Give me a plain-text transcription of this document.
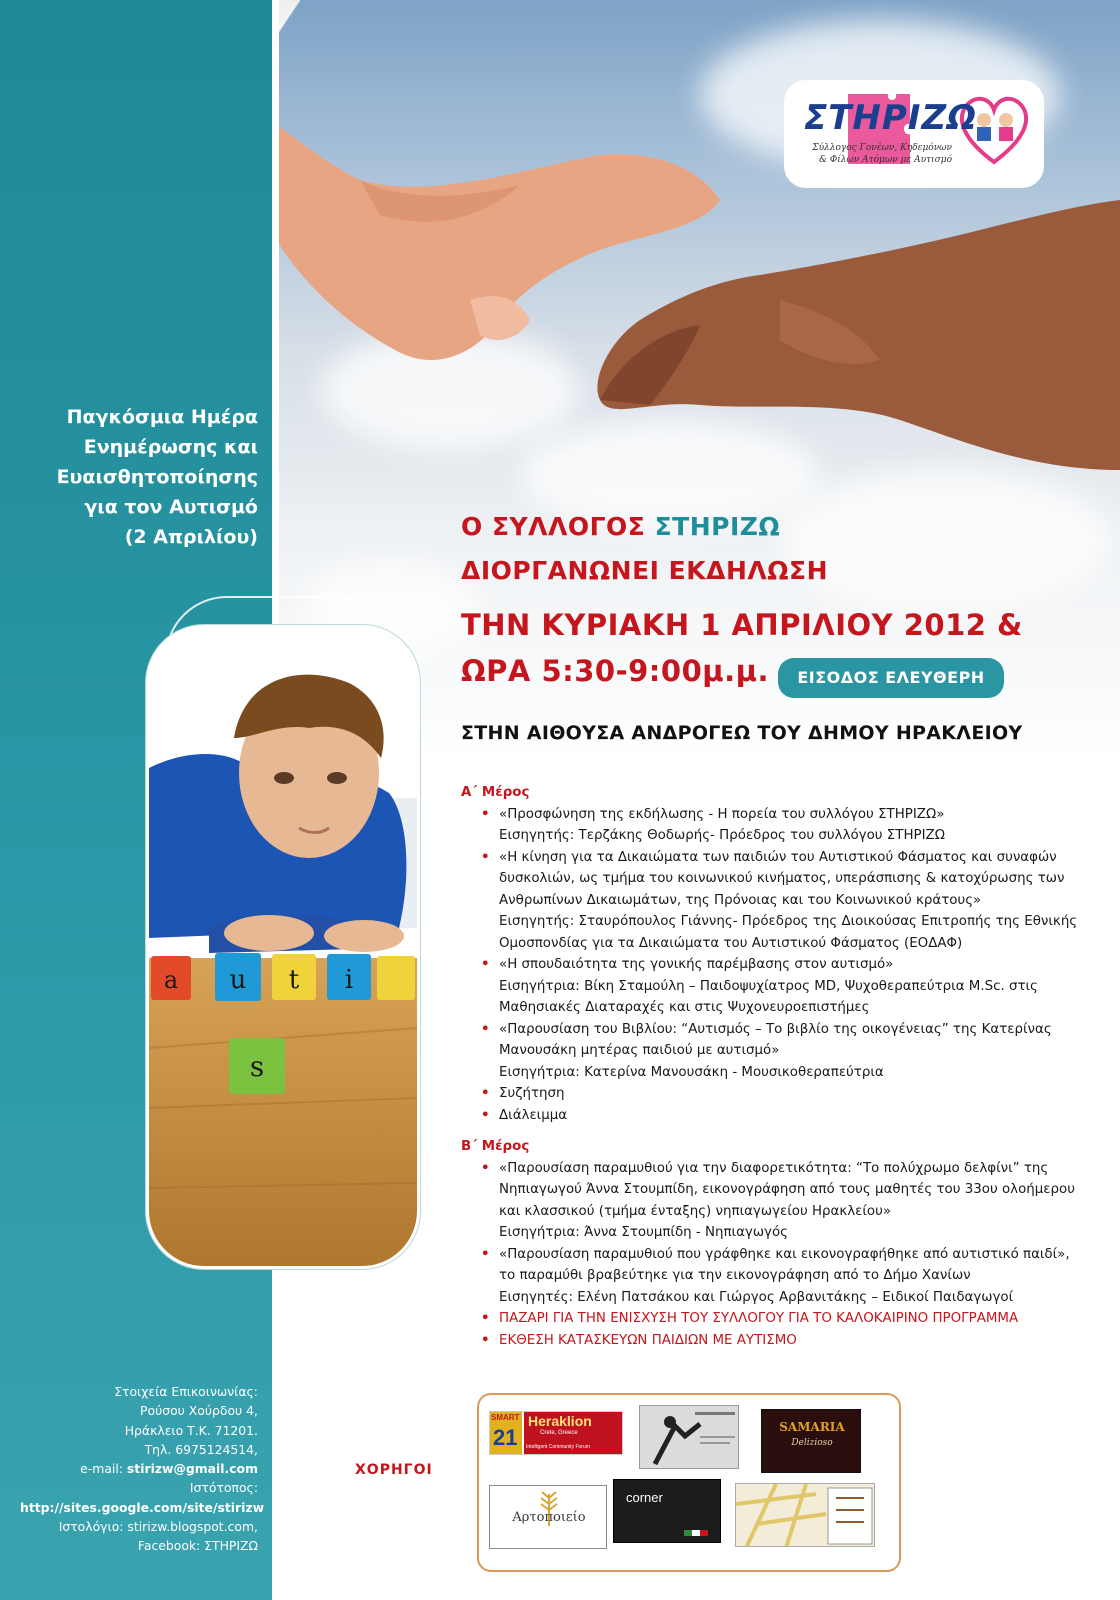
Παγκόσμια Ημέρα
Ενημέρωσης και
Ευαισθητοποίησης
για τον Αυτισμό
(2 Απριλίου)
a u t i
s
ΣΤΗΡΙΖΩ
Σύλλογος Γονέων, Κηδεμόνων & Φίλων Ατόμων με Αυτισμό
Ο ΣΥΛΛΟΓΟΣ ΣΤΗΡΙΖΩ
ΔΙΟΡΓΑΝΩΝΕΙ ΕΚΔΗΛΩΣΗ
ΤΗΝ ΚΥΡΙΑΚΗ 1 ΑΠΡΙΛΙΟΥ 2012 &
ΩΡΑ 5:30-9:00μ.μ.	ΕΙΣΟΔΟΣ ΕΛΕΥΘΕΡΗ
ΣΤΗΝ ΑΙΘΟΥΣΑ ΑΝΔΡΟΓΕΩ ΤΟΥ ΔΗΜΟΥ ΗΡΑΚΛΕΙΟΥ

Α΄ Μέρος

• «Προσφώνηση της εκδήλωσης - Η πορεία του συλλόγου ΣΤΗΡΙΖΩ»
Εισηγητής: Τερζάκης Θοδωρής- Πρόεδρος του συλλόγου ΣΤΗΡΙΖΩ
• «Η κίνηση για τα Δικαιώματα των παιδιών του Αυτιστικού Φάσματος και συναφών
δυσκολιών, ως τμήμα του κοινωνικού κινήματος, υπεράσπισης & κατοχύρωσης των
Ανθρωπίνων Δικαιωμάτων, της Πρόνοιας και του Κοινωνικού κράτους»
Εισηγητής: Σταυρόπουλος Γιάννης- Πρόεδρος της Διοικούσας Επιτροπής της Εθνικής
Ομοσπονδίας για τα Δικαιώματα του Αυτιστικού Φάσματος (ΕΟΔΑΦ)
• «Η σπουδαιότητα της γονικής παρέμβασης στον αυτισμό»
Εισηγήτρια: Βίκη Σταμούλη – Παιδοψυχίατρος MD, Ψυχοθεραπεύτρια M.Sc. στις
Μαθησιακές Διαταραχές και στις Ψυχονευροεπιστήμες
• «Παρουσίαση του Βιβλίου: “Αυτισμός – Το βιβλίο της οικογένειας” της Κατερίνας
Μανουσάκη μητέρας παιδιού με αυτισμό»
Εισηγήτρια: Κατερίνα Μανουσάκη - Μουσικοθεραπεύτρια
• Συζήτηση
• Διάλειμμα

Β΄ Μέρος

• «Παρουσίαση παραμυθιού για την διαφορετικότητα: “Το πολύχρωμο δελφίνι” της
Νηπιαγωγού Άννα Στουμπίδη, εικονογράφηση από τους μαθητές του 33ου ολοήμερου
και κλασσικού (τμήμα ένταξης) νηπιαγωγείου Ηρακλείου»
Εισηγήτρια: Άννα Στουμπίδη - Νηπιαγωγός
• «Παρουσίαση παραμυθιού που γράφθηκε και εικονογραφήθηκε από αυτιστικό παιδί»,
το παραμύθι βραβεύτηκε για την εικονογράφηση από το Δήμο Χανίων
Εισηγητές: Ελένη Πατσάκου και Γιώργος Αρβανιτάκης – Ειδικοί Παιδαγωγοί
• ΠΑΖΑΡΙ ΓΙΑ ΤΗΝ ΕΝΙΣΧΥΣΗ ΤΟΥ ΣΥΛΛΟΓΟΥ ΓΙΑ ΤΟ ΚΑΛΟΚΑΙΡΙΝΟ ΠΡΟΓΡΑΜΜΑ
• ΕΚΘΕΣΗ ΚΑΤΑΣΚΕΥΩΝ ΠΑΙΔΙΩΝ ΜΕ ΑΥΤΙΣΜΟ
Στοιχεία Επικοινωνίας:
Ρούσου Χούρδου 4,
Ηράκλειο Τ.Κ. 71201.
Τηλ. 6975124514,
e-mail: stirizw@gmail.com
Ιστότοπος:
http://sites.google.com/site/stirizw
Ιστολόγιο: stirizw.blogspot.com,
Facebook: ΣΤΗΡΙΖΩ
ΧΟΡΗΓΟΙ
SMART
21
Heraklion
Crete, Greece
Intelligent Community Forum
SAMARIA
Delizioso
Αρτοποιείο
corner
